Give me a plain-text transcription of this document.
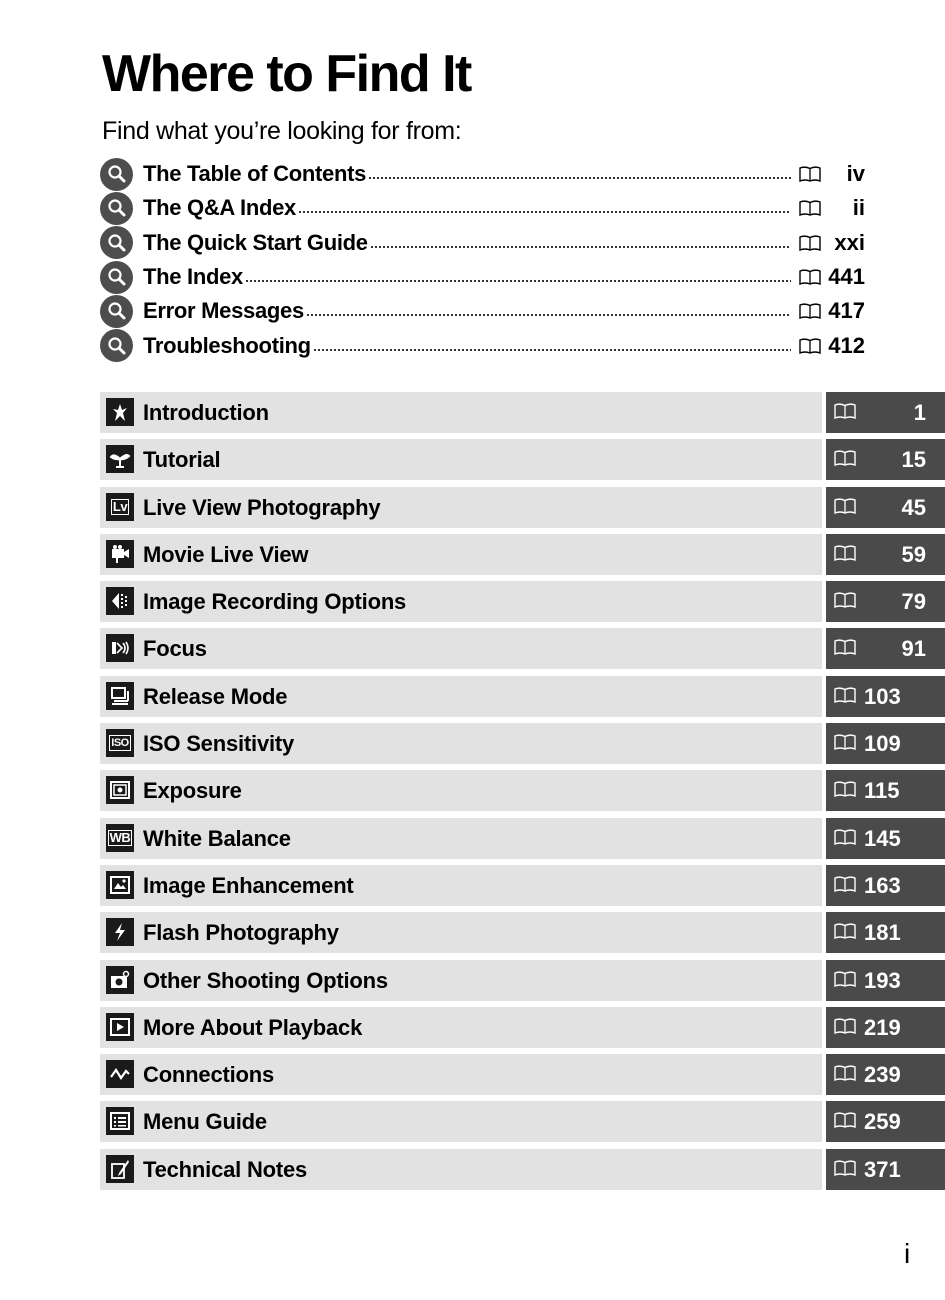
Where to Find It
Find what you’re looking for from:
The Table of Contents	iv
The Q&A Index	ii
The Quick Start Guide	xxi
The Index	441
Error Messages	417
Troubleshooting	412
Introduction	1
Tutorial	15
Lv Live View Photography	45
Movie Live View	59
Image Recording Options	79
Focus	91
Release Mode	103
ISO ISO Sensitivity	109
Exposure	115
WB White Balance	145
Image Enhancement	163
Flash Photography	181
Other Shooting Options	193
More About Playback	219
Connections	239
Menu Guide	259
Technical Notes	371
i
